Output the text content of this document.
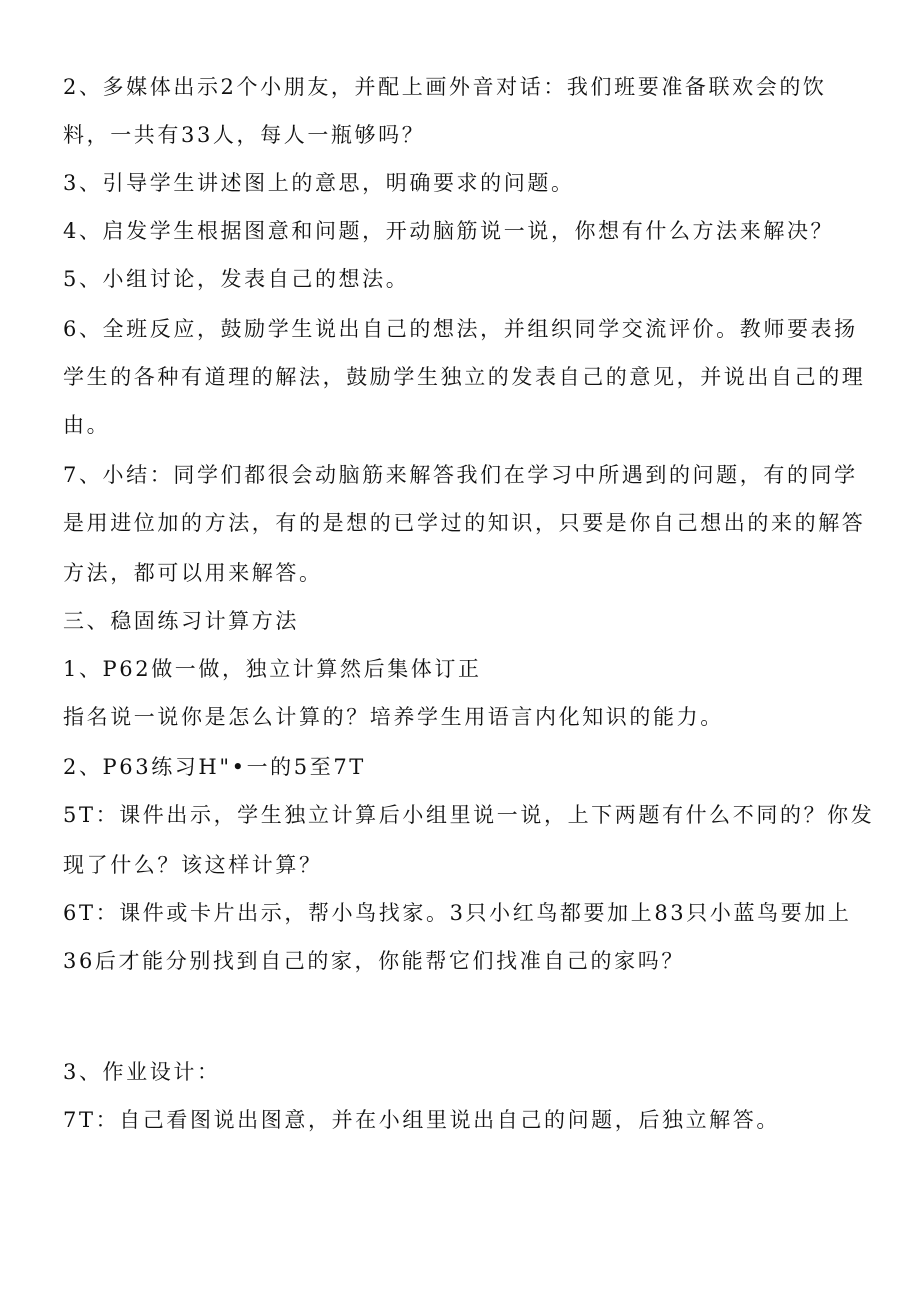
2、多媒体出示2个小朋友，并配上画外音对话：我们班要准备联欢会的饮
料，一共有33人，每人一瓶够吗？
3、引导学生讲述图上的意思，明确要求的问题。
4、启发学生根据图意和问题，开动脑筋说一说，你想有什么方法来解决？
5、小组讨论，发表自己的想法。
6、全班反应，鼓励学生说出自己的想法，并组织同学交流评价。教师要表扬
学生的各种有道理的解法，鼓励学生独立的发表自己的意见，并说出自己的理
由。
7、小结：同学们都很会动脑筋来解答我们在学习中所遇到的问题，有的同学
是用进位加的方法，有的是想的已学过的知识，只要是你自己想出的来的解答
方法，都可以用来解答。
三、稳固练习计算方法
1、P62做一做，独立计算然后集体订正
指名说一说你是怎么计算的？培养学生用语言内化知识的能力。
2、P63练习H"•一的5至7T
5T：课件出示，学生独立计算后小组里说一说，上下两题有什么不同的？你发
现了什么？该这样计算？
6T：课件或卡片出示，帮小鸟找家。3只小红鸟都要加上83只小蓝鸟要加上
36后才能分别找到自己的家，你能帮它们找准自己的家吗？
3、作业设计：
7T：自己看图说出图意，并在小组里说出自己的问题，后独立解答。
